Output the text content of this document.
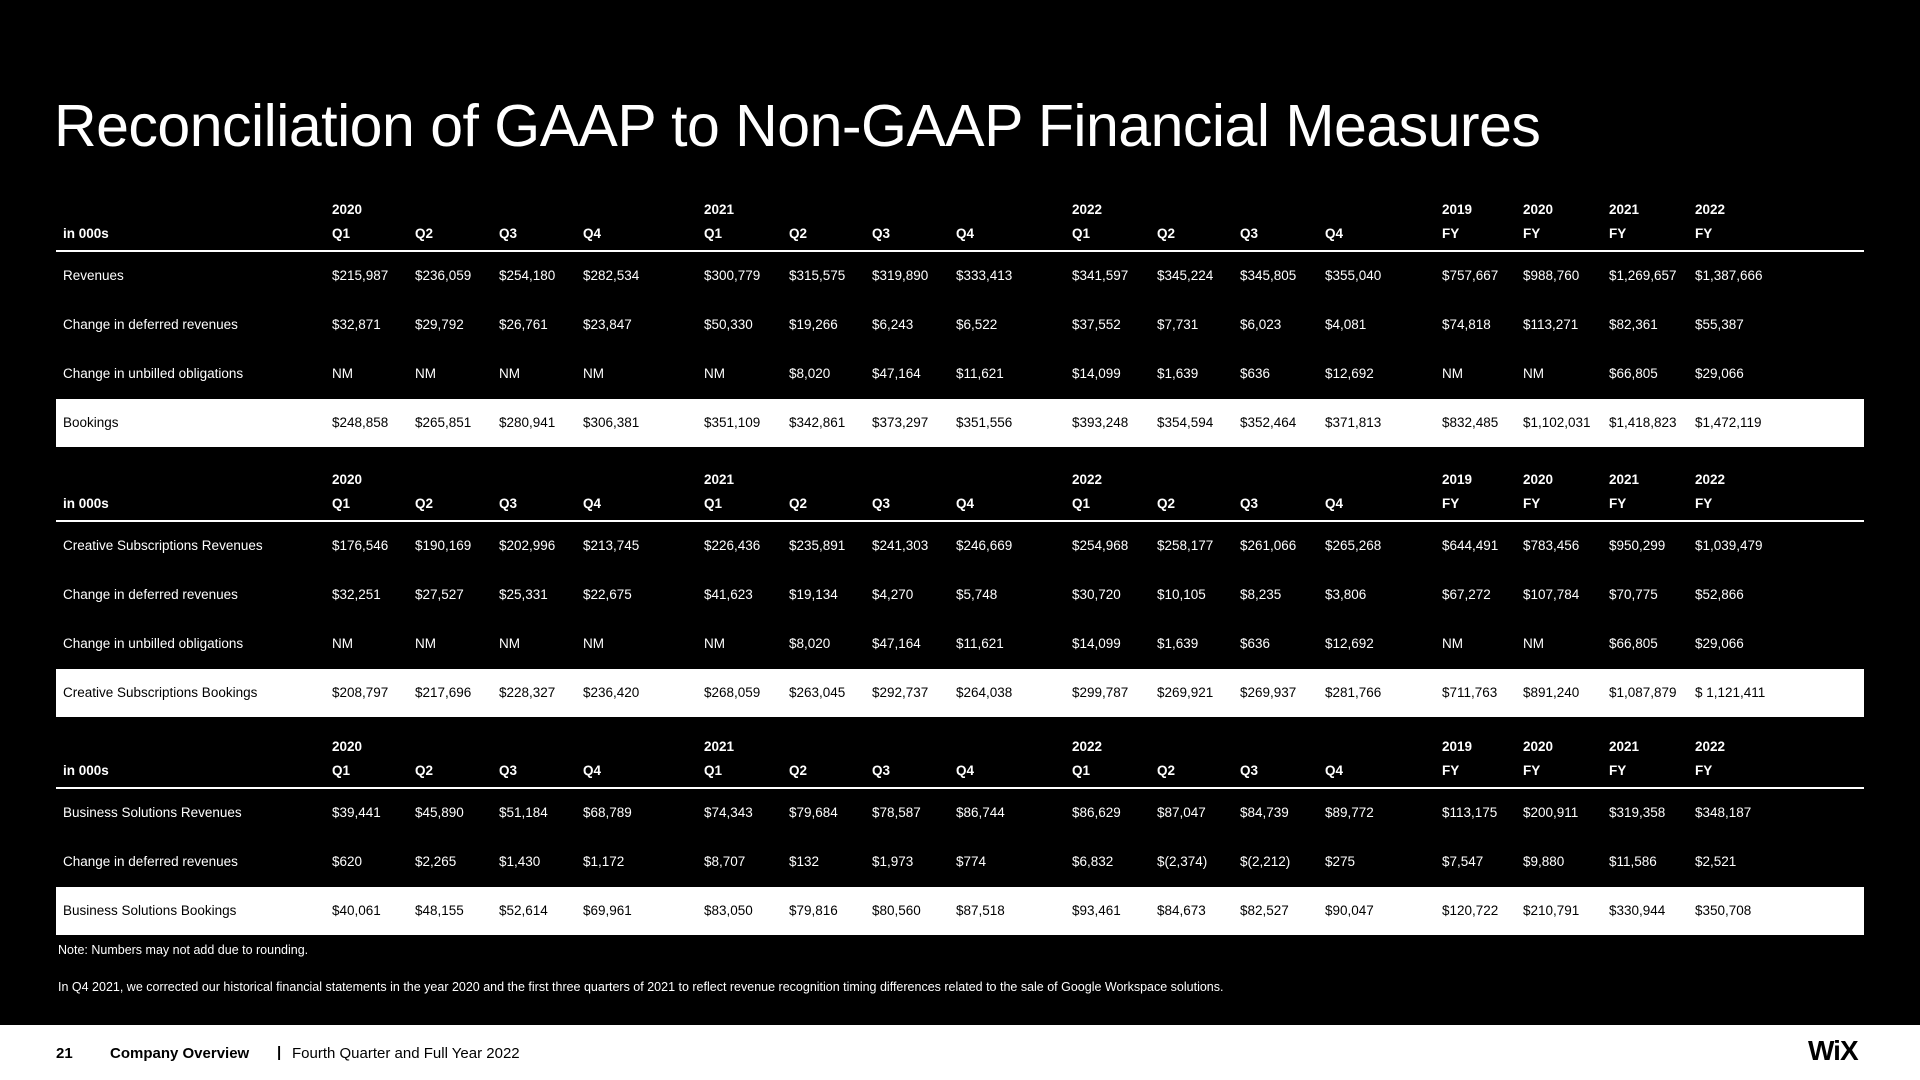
Reconciliation of GAAP to Non-GAAP Financial Measures
in 000s
2020	2021	2022	2019	2020	2021	2022
Q1	Q2	Q3	Q4	Q1	Q2	Q3	Q4	Q1	Q2	Q3	Q4	FY	FY	FY	FY
Revenues	$215,987 $236,059 $254,180 $282,534	$300,779 $315,575 $319,890 $333,413	$341,597 $345,224 $345,805 $355,040	$757,667 $988,760 $1,269,657 $1,387,666
Change in deferred revenues	$32,871	$29,792	$26,761	$23,847	$50,330	$19,266	$6,243	$6,522	$37,552	$7,731	$6,023	$4,081	$74,818 $113,271 $82,361	$55,387
Change in unbilled obligations	NM	NM	NM	NM	NM	$8,020	$47,164	$11,621	$14,099	$1,639	$636	$12,692	NM	NM	$66,805	$29,066
Bookings	$248,858 $265,851 $280,941 $306,381	$351,109 $342,861 $373,297 $351,556	$393,248 $354,594 $352,464 $371,813	$832,485 $1,102,031 $1,418,823 $1,472,119
in 000s
2020	2021	2022	2019	2020	2021	2022
Q1	Q2	Q3	Q4	Q1	Q2	Q3	Q4	Q1	Q2	Q3	Q4	FY	FY	FY	FY
Creative Subscriptions Revenues	$176,546 $190,169 $202,996 $213,745	$226,436 $235,891 $241,303 $246,669	$254,968 $258,177 $261,066 $265,268	$644,491 $783,456 $950,299 $1,039,479
Change in deferred revenues	$32,251	$27,527	$25,331	$22,675	$41,623	$19,134	$4,270	$5,748	$30,720	$10,105	$8,235	$3,806	$67,272 $107,784 $70,775	$52,866
Change in unbilled obligations	NM	NM	NM	NM	NM	$8,020	$47,164	$11,621	$14,099	$1,639	$636	$12,692	NM	NM	$66,805	$29,066
Creative Subscriptions Bookings	$208,797 $217,696 $228,327 $236,420	$268,059 $263,045 $292,737 $264,038	$299,787 $269,921 $269,937 $281,766	$711,763 $891,240 $1,087,879 $ 1,121,411
in 000s
2020	2021	2022	2019	2020	2021	2022
Q1	Q2	Q3	Q4	Q1	Q2	Q3	Q4	Q1	Q2	Q3	Q4	FY	FY	FY	FY
Business Solutions Revenues	$39,441	$45,890	$51,184	$68,789	$74,343	$79,684	$78,587	$86,744	$86,629	$87,047	$84,739	$89,772	$113,175 $200,911 $319,358 $348,187
Change in deferred revenues	$620	$2,265	$1,430	$1,172	$8,707	$132	$1,973	$774	$6,832	$(2,374) $(2,212)	$275	$7,547	$9,880	$11,586	$2,521
Business Solutions Bookings	$40,061	$48,155	$52,614	$69,961	$83,050	$79,816	$80,560	$87,518	$93,461	$84,673	$82,527	$90,047	$120,722 $210,791 $330,944 $350,708
Note: Numbers may not add due to rounding.
In Q4 2021, we corrected our historical financial statements in the year 2020 and the first three quarters of 2021 to reflect revenue recognition timing differences related to the sale of Google Workspace solutions.
21 Company Overview | Fourth Quarter and Full Year 2022	WiX
